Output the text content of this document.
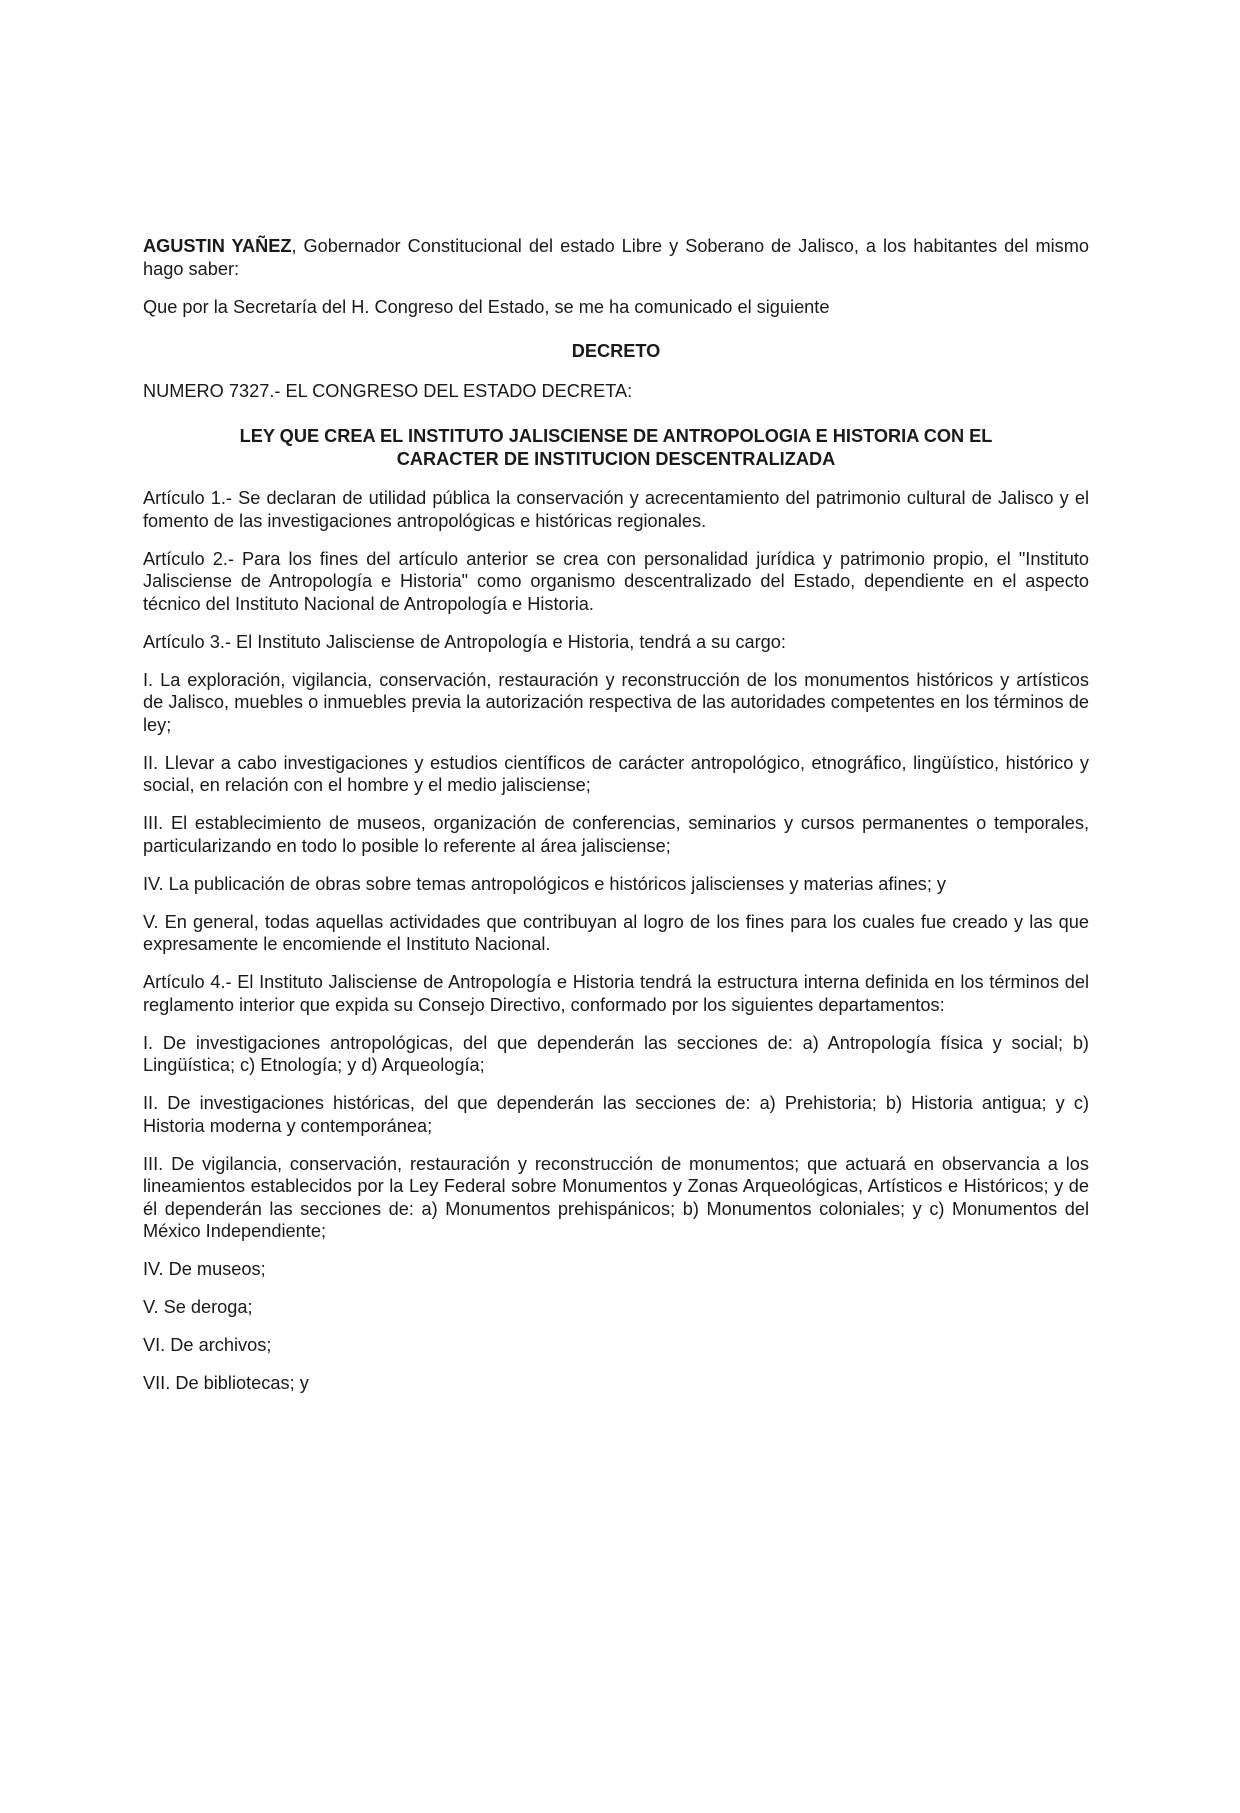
AGUSTIN YAÑEZ, Gobernador Constitucional del estado Libre y Soberano de Jalisco, a los habitantes del mismo hago saber:

Que por la Secretaría del H. Congreso del Estado, se me ha comunicado el siguiente

DECRETO

NUMERO 7327.- EL CONGRESO DEL ESTADO DECRETA:

LEY QUE CREA EL INSTITUTO JALISCIENSE DE ANTROPOLOGIA E HISTORIA CON EL
CARACTER DE INSTITUCION DESCENTRALIZADA

Artículo 1.- Se declaran de utilidad pública la conservación y acrecentamiento del patrimonio cultural de Jalisco y el fomento de las investigaciones antropológicas e históricas regionales.

Artículo 2.- Para los fines del artículo anterior se crea con personalidad jurídica y patrimonio propio, el "Instituto Jalisciense de Antropología e Historia" como organismo descentralizado del Estado, dependiente en el aspecto técnico del Instituto Nacional de Antropología e Historia.

Artículo 3.- El Instituto Jalisciense de Antropología e Historia, tendrá a su cargo:

I. La exploración, vigilancia, conservación, restauración y reconstrucción de los monumentos históricos y artísticos de Jalisco, muebles o inmuebles previa la autorización respectiva de las autoridades competentes en los términos de ley;

II. Llevar a cabo investigaciones y estudios científicos de carácter antropológico, etnográfico, lingüístico, histórico y social, en relación con el hombre y el medio jalisciense;

III. El establecimiento de museos, organización de conferencias, seminarios y cursos permanentes o temporales, particularizando en todo lo posible lo referente al área jalisciense;

IV. La publicación de obras sobre temas antropológicos e históricos jaliscienses y materias afines; y

V. En general, todas aquellas actividades que contribuyan al logro de los fines para los cuales fue creado y las que expresamente le encomiende el Instituto Nacional.

Artículo 4.- El Instituto Jalisciense de Antropología e Historia tendrá la estructura interna definida en los términos del reglamento interior que expida su Consejo Directivo, conformado por los siguientes departamentos:

I. De investigaciones antropológicas, del que dependerán las secciones de: a) Antropología física y social; b) Lingüística; c) Etnología; y d) Arqueología;

II. De investigaciones históricas, del que dependerán las secciones de: a) Prehistoria; b) Historia antigua; y c) Historia moderna y contemporánea;

III. De vigilancia, conservación, restauración y reconstrucción de monumentos; que actuará en observancia a los lineamientos establecidos por la Ley Federal sobre Monumentos y Zonas Arqueológicas, Artísticos e Históricos; y de él dependerán las secciones de: a) Monumentos prehispánicos; b) Monumentos coloniales; y c) Monumentos del México Independiente;

IV. De museos;

V. Se deroga;

VI. De archivos;

VII. De bibliotecas; y
